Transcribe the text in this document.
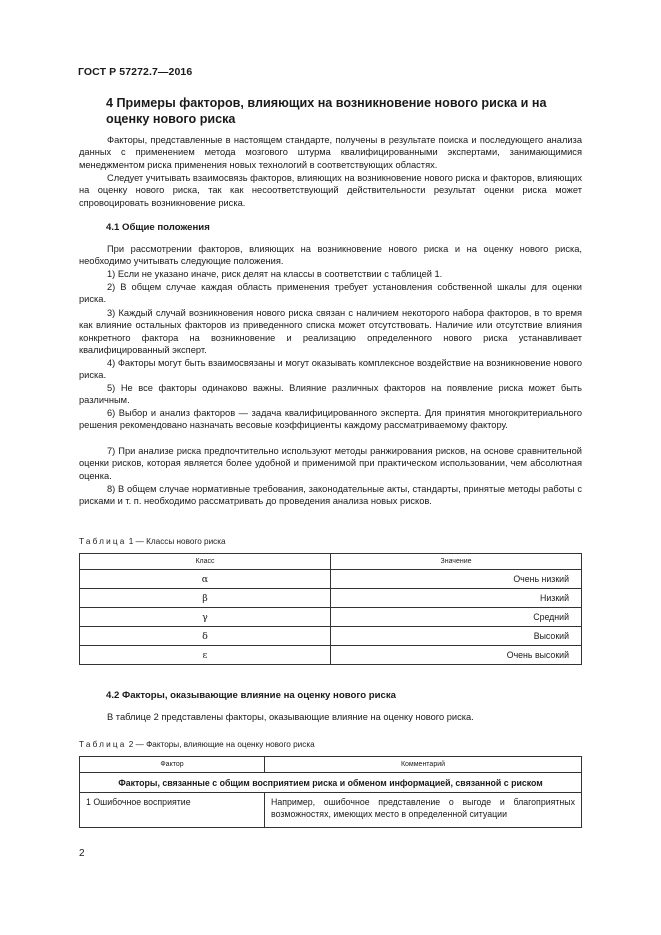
ГОСТ Р 57272.7—2016
4 Примеры факторов, влияющих на возникновение нового риска и на оценку нового риска

Факторы, представленные в настоящем стандарте, получены в результате поиска и последующего анализа данных с применением метода мозгового штурма квалифицированными экспертами, занимающимися менеджментом риска применения новых технологий в соответствующих областях.

Следует учитывать взаимосвязь факторов, влияющих на возникновение нового риска и факторов, влияющих на оценку нового риска, так как несоответствующий действительности результат оценки риска может спровоцировать возникновение риска.

4.1 Общие положения

При рассмотрении факторов, влияющих на возникновение нового риска и на оценку нового риска, необходимо учитывать следующие положения.

1) Если не указано иначе, риск делят на классы в соответствии с таблицей 1.

2) В общем случае каждая область применения требует установления собственной шкалы для оценки риска.

3) Каждый случай возникновения нового риска связан с наличием некоторого набора факторов, в то время как влияние остальных факторов из приведенного списка может отсутствовать. Наличие или отсутствие влияния конкретного фактора на возникновение и реализацию определенного нового риска устанавливает квалифицированный эксперт.

4) Факторы могут быть взаимосвязаны и могут оказывать комплексное воздействие на возникновение нового риска.

5) Не все факторы одинаково важны. Влияние различных факторов на появление риска может быть различным.

6) Выбор и анализ факторов — задача квалифицированного эксперта. Для принятия многокритериального решения рекомендовано назначать весовые коэффициенты каждому рассматриваемому фактору.

7) При анализе риска предпочтительно используют методы ранжирования рисков, на основе сравнительной оценки рисков, которая является более удобной и применимой при практическом использовании, чем абсолютная оценка.

8) В общем случае нормативные требования, законодательные акты, стандарты, принятые методы работы с рисками и т. п. необходимо рассматривать до проведения анализа новых рисков.

Таблица 1 — Классы нового риска
Класс	Значение
α	Очень низкий
β	Низкий
γ	Средний
δ	Высокий
ε	Очень высокий
4.2 Факторы, оказывающие влияние на оценку нового риска

В таблице 2 представлены факторы, оказывающие влияние на оценку нового риска.

Таблица 2 — Факторы, влияющие на оценку нового риска
Фактор	Комментарий
Факторы, связанные с общим восприятием риска и обменом информацией, связанной с риском	
1 Ошибочное восприятие	Например, ошибочное представление о выгоде и благоприятных возможностях, имеющих место в определенной ситуации
2
